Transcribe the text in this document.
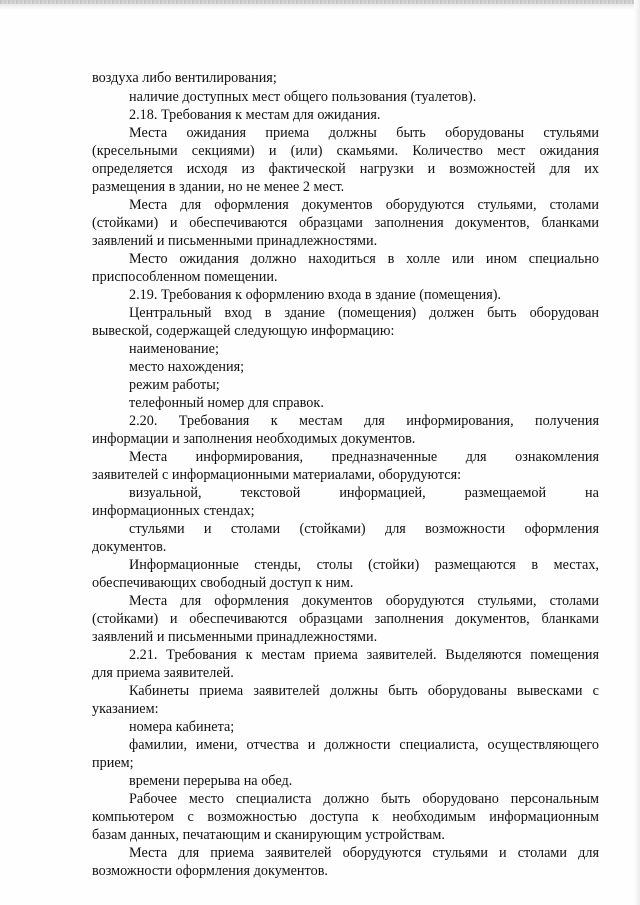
воздуха либо вентилирования;
наличие доступных мест общего пользования (туалетов).
2.18. Требования к местам для ожидания.
Места ожидания приема должны быть оборудованы стульями
(кресельными секциями) и (или) скамьями. Количество мест ожидания
определяется исходя из фактической нагрузки и возможностей для их
размещения в здании, но не менее 2 мест.
Места для оформления документов оборудуются стульями, столами
(стойками) и обеспечиваются образцами заполнения документов, бланками
заявлений и письменными принадлежностями.
Место ожидания должно находиться в холле или ином специально
приспособленном помещении.
2.19. Требования к оформлению входа в здание (помещения).
Центральный вход в здание (помещения) должен быть оборудован
вывеской, содержащей следующую информацию:
наименование;
место нахождения;
режим работы;
телефонный номер для справок.
2.20. Требования к местам для информирования, получения
информации и заполнения необходимых документов.
Места информирования, предназначенные для ознакомления
заявителей с информационными материалами, оборудуются:
визуальной, текстовой информацией, размещаемой на
информационных стендах;
стульями и столами (стойками) для возможности оформления
документов.
Информационные стенды, столы (стойки) размещаются в местах,
обеспечивающих свободный доступ к ним.
Места для оформления документов оборудуются стульями, столами
(стойками) и обеспечиваются образцами заполнения документов, бланками
заявлений и письменными принадлежностями.
2.21. Требования к местам приема заявителей. Выделяются помещения
для приема заявителей.
Кабинеты приема заявителей должны быть оборудованы вывесками с
указанием:
номера кабинета;
фамилии, имени, отчества и должности специалиста, осуществляющего
прием;
времени перерыва на обед.
Рабочее место специалиста должно быть оборудовано персональным
компьютером с возможностью доступа к необходимым информационным
базам данных, печатающим и сканирующим устройствам.
Места для приема заявителей оборудуются стульями и столами для
возможности оформления документов.
